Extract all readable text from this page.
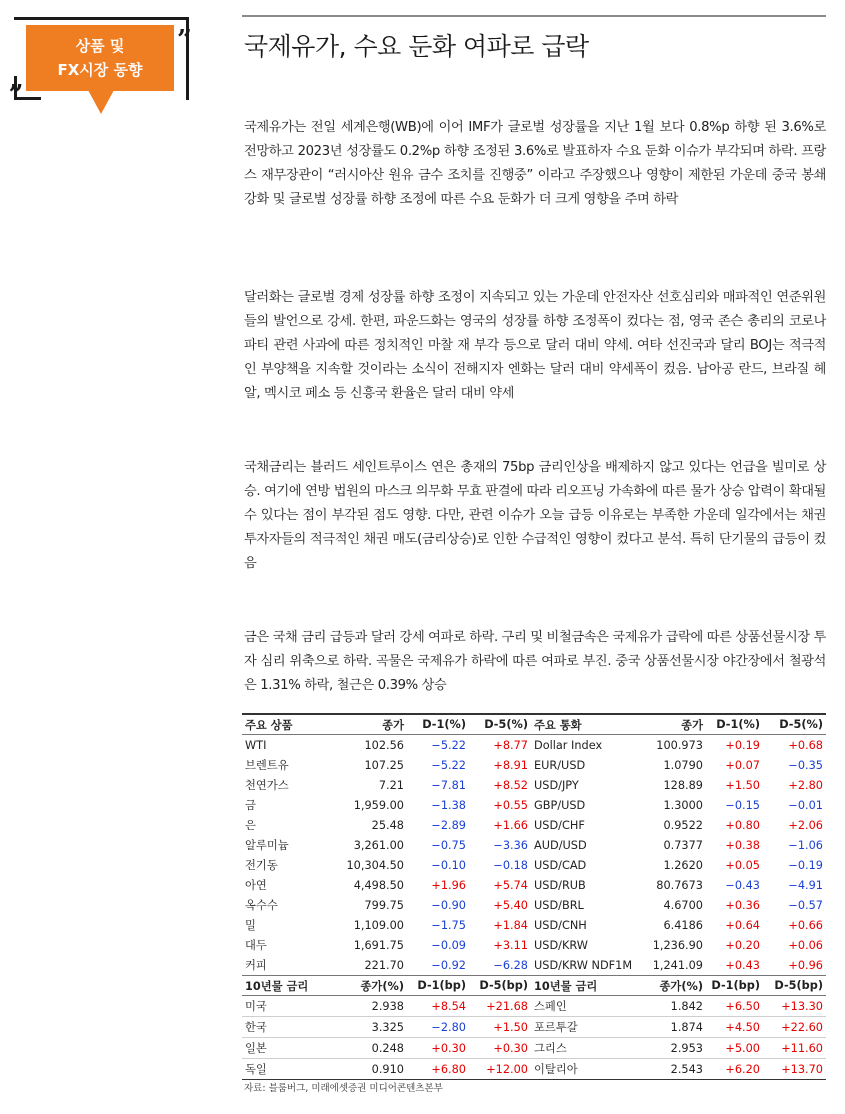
상품 및
FX시장 동향
„
” 국제유가, 수요 둔화 여파로 급락

국제유가는 전일 세계은행(WB)에 이어 IMF가 글로벌 성장률을 지난 1월 보다 0.8%p 하향 된 3.6%로 전망하고 2023년 성장률도 0.2%p 하향 조정된 3.6%로 발표하자 수요 둔화 이슈가 부각되며 하락. 프랑스 재무장관이 “러시아산 원유 금수 조치를 진행중” 이라고 주장했으나 영향이 제한된 가운데 중국 봉쇄 강화 및 글로벌 성장률 하향 조정에 따른 수요 둔화가 더 크게 영향을 주며 하락

달러화는 글로벌 경제 성장률 하향 조정이 지속되고 있는 가운데 안전자산 선호심리와 매파적인 연준위원들의 발언으로 강세. 한편, 파운드화는 영국의 성장률 하향 조정폭이 컸다는 점, 영국 존슨 총리의 코로나 파티 관련 사과에 따른 정치적인 마찰 재 부각 등으로 달러 대비 약세. 여타 선진국과 달리 BOJ는 적극적인 부양책을 지속할 것이라는 소식이 전해지자 엔화는 달러 대비 약세폭이 컸음. 남아공 란드, 브라질 헤알, 멕시코 페소 등 신흥국 환율은 달러 대비 약세

국채금리는 블러드 세인트루이스 연은 총재의 75bp 금리인상을 배제하지 않고 있다는 언급을 빌미로 상승. 여기에 연방 법원의 마스크 의무화 무효 판결에 따라 리오프닝 가속화에 따른 물가 상승 압력이 확대될 수 있다는 점이 부각된 점도 영향. 다만, 관련 이슈가 오늘 급등 이유로는 부족한 가운데 일각에서는 채권투자자들의 적극적인 채권 매도(금리상승)로 인한 수급적인 영향이 컸다고 분석. 특히 단기물의 급등이 컸음

금은 국채 금리 급등과 달러 강세 여파로 하락. 구리 및 비철금속은 국제유가 급락에 따른 상품선물시장 투자 심리 위축으로 하락. 곡물은 국제유가 하락에 따른 여파로 부진. 중국 상품선물시장 야간장에서 철광석은 1.31% 하락, 철근은 0.39% 상승

주요 상품	종가	D-1(%)	D-5(%)	주요 통화	종가	D-1(%)	D-5(%)
WTI	102.56	−5.22	+8.77	Dollar Index	100.973	+0.19	+0.68
브렌트유	107.25	−5.22	+8.91	EUR/USD	1.0790	+0.07	−0.35
천연가스	7.21	−7.81	+8.52	USD/JPY	128.89	+1.50	+2.80
금	1,959.00	−1.38	+0.55	GBP/USD	1.3000	−0.15	−0.01
은	25.48	−2.89	+1.66	USD/CHF	0.9522	+0.80	+2.06
알루미늄	3,261.00	−0.75	−3.36	AUD/USD	0.7377	+0.38	−1.06
전기동	10,304.50	−0.10	−0.18	USD/CAD	1.2620	+0.05	−0.19
아연	4,498.50	+1.96	+5.74	USD/RUB	80.7673	−0.43	−4.91
옥수수	799.75	−0.90	+5.40	USD/BRL	4.6700	+0.36	−0.57
밀	1,109.00	−1.75	+1.84	USD/CNH	6.4186	+0.64	+0.66
대두	1,691.75	−0.09	+3.11	USD/KRW	1,236.90	+0.20	+0.06
커피	221.70	−0.92	−6.28	USD/KRW NDF1M	1,241.09	+0.43	+0.96
10년물 금리	종가(%)	D-1(bp)	D-5(bp)	10년물 금리	종가(%)	D-1(bp)	D-5(bp)
미국	2.938	+8.54	+21.68	스페인	1.842	+6.50	+13.30
한국	3.325	−2.80	+1.50	포르투갈	1.874	+4.50	+22.60
일본	0.248	+0.30	+0.30	그리스	2.953	+5.00	+11.60
독일	0.910	+6.80	+12.00	이탈리아	2.543	+6.20	+13.70

자료: 블룸버그, 미래에셋증권 미디어콘텐츠본부
